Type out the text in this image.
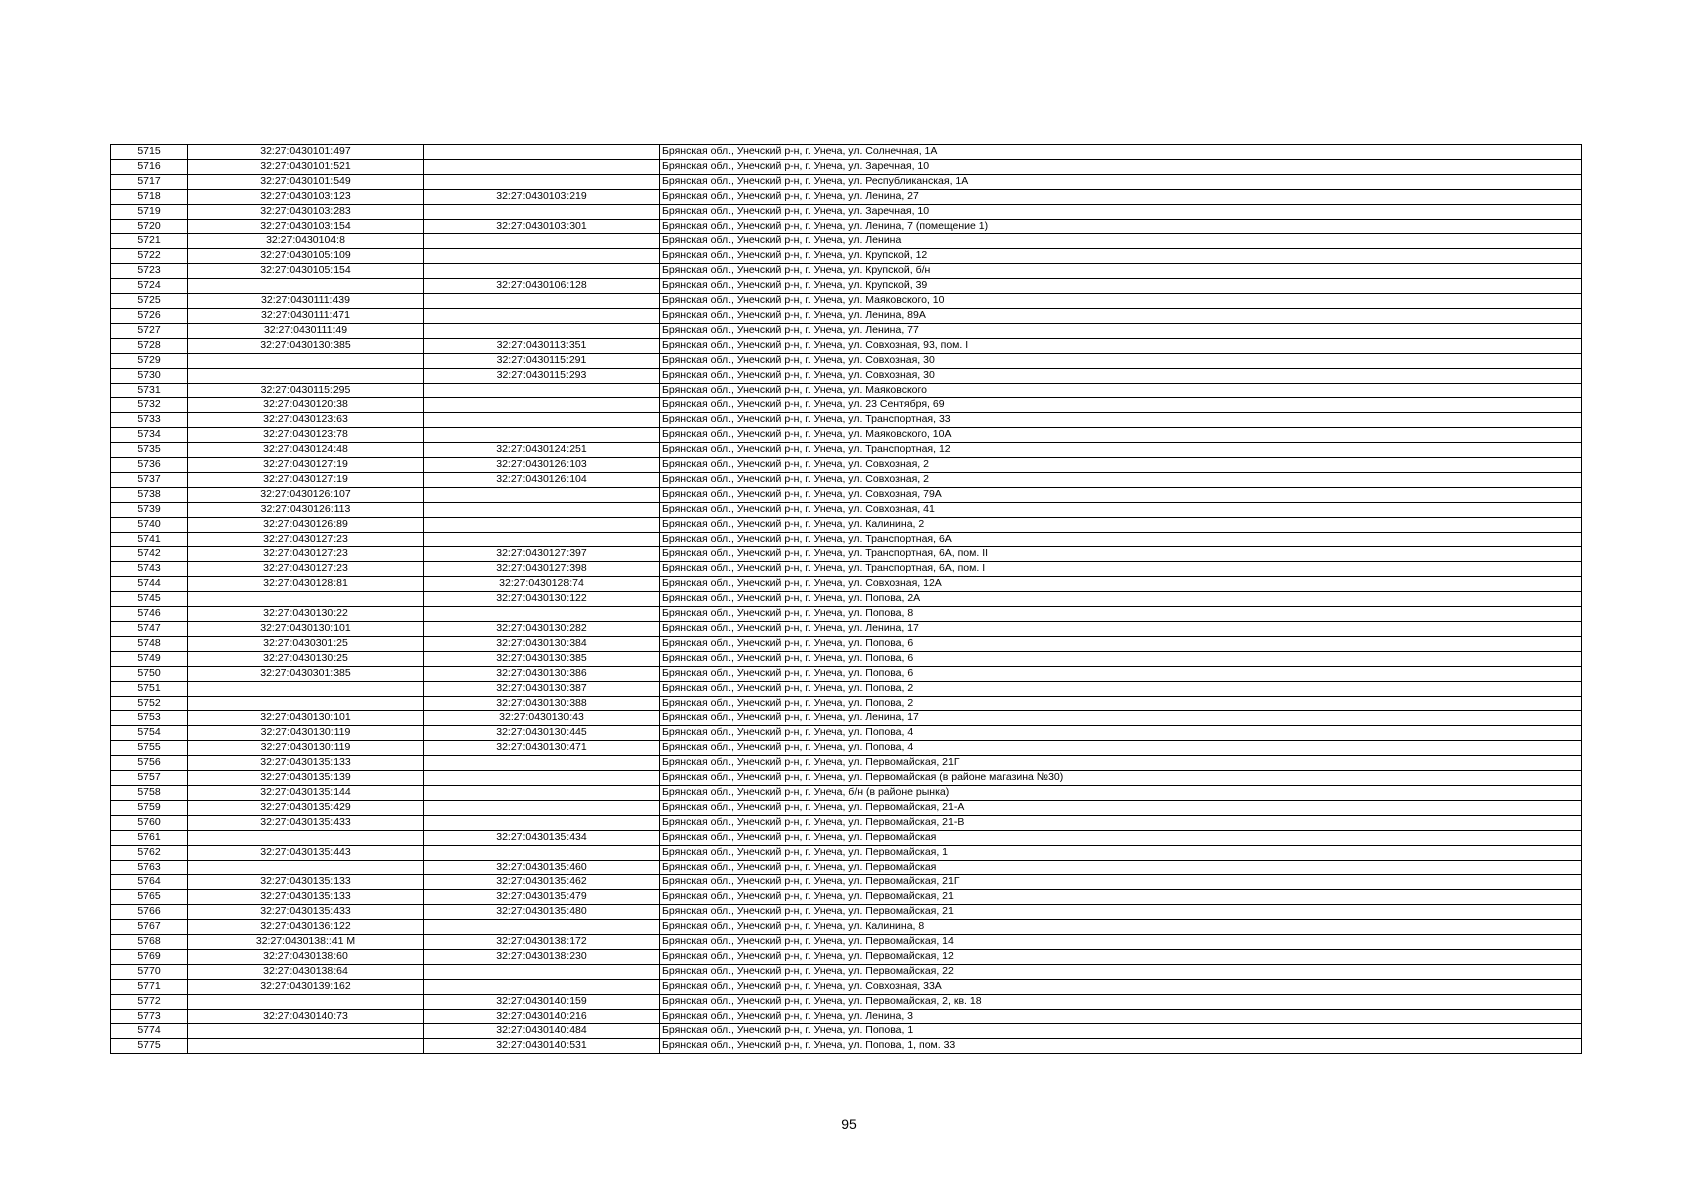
5715	32:27:0430101:497		Брянская обл., Унечский р-н, г. Унеча, ул. Солнечная, 1А
5716	32:27:0430101:521		Брянская обл., Унечский р-н, г. Унеча, ул. Заречная, 10
5717	32:27:0430101:549		Брянская обл., Унечский р-н, г. Унеча, ул. Республиканская, 1А
5718	32:27:0430103:123	32:27:0430103:219	Брянская обл., Унечский р-н, г. Унеча, ул. Ленина, 27
5719	32:27:0430103:283		Брянская обл., Унечский р-н, г. Унеча, ул. Заречная, 10
5720	32:27:0430103:154	32:27:0430103:301	Брянская обл., Унечский р-н, г. Унеча, ул. Ленина, 7 (помещение 1)
5721	32:27:0430104:8		Брянская обл., Унечский р-н, г. Унеча, ул. Ленина
5722	32:27:0430105:109		Брянская обл., Унечский р-н, г. Унеча, ул. Крупской, 12
5723	32:27:0430105:154		Брянская обл., Унечский р-н, г. Унеча, ул. Крупской, б/н
5724		32:27:0430106:128	Брянская обл., Унечский р-н, г. Унеча, ул. Крупской, 39
5725	32:27:0430111:439		Брянская обл., Унечский р-н, г. Унеча, ул. Маяковского, 10
5726	32:27:0430111:471		Брянская обл., Унечский р-н, г. Унеча, ул. Ленина, 89А
5727	32:27:0430111:49		Брянская обл., Унечский р-н, г. Унеча, ул. Ленина, 77
5728	32:27:0430130:385	32:27:0430113:351	Брянская обл., Унечский р-н, г. Унеча, ул. Совхозная, 93, пом. I
5729		32:27:0430115:291	Брянская обл., Унечский р-н, г. Унеча, ул. Совхозная, 30
5730		32:27:0430115:293	Брянская обл., Унечский р-н, г. Унеча, ул. Совхозная, 30
5731	32:27:0430115:295		Брянская обл., Унечский р-н, г. Унеча, ул. Маяковского
5732	32:27:0430120:38		Брянская обл., Унечский р-н, г. Унеча, ул. 23 Сентября, 69
5733	32:27:0430123:63		Брянская обл., Унечский р-н, г. Унеча, ул. Транспортная, 33
5734	32:27:0430123:78		Брянская обл., Унечский р-н, г. Унеча, ул. Маяковского, 10А
5735	32:27:0430124:48	32:27:0430124:251	Брянская обл., Унечский р-н, г. Унеча, ул. Транспортная, 12
5736	32:27:0430127:19	32:27:0430126:103	Брянская обл., Унечский р-н, г. Унеча, ул. Совхозная, 2
5737	32:27:0430127:19	32:27:0430126:104	Брянская обл., Унечский р-н, г. Унеча, ул. Совхозная, 2
5738	32:27:0430126:107		Брянская обл., Унечский р-н, г. Унеча, ул. Совхозная, 79А
5739	32:27:0430126:113		Брянская обл., Унечский р-н, г. Унеча, ул. Совхозная, 41
5740	32:27:0430126:89		Брянская обл., Унечский р-н, г. Унеча, ул. Калинина, 2
5741	32:27:0430127:23		Брянская обл., Унечский р-н, г. Унеча, ул. Транспортная, 6А
5742	32:27:0430127:23	32:27:0430127:397	Брянская обл., Унечский р-н, г. Унеча, ул. Транспортная, 6А, пом. II
5743	32:27:0430127:23	32:27:0430127:398	Брянская обл., Унечский р-н, г. Унеча, ул. Транспортная, 6А, пом. I
5744	32:27:0430128:81	32:27:0430128:74	Брянская обл., Унечский р-н, г. Унеча, ул. Совхозная, 12А
5745		32:27:0430130:122	Брянская обл., Унечский р-н, г. Унеча, ул. Попова, 2А
5746	32:27:0430130:22		Брянская обл., Унечский р-н, г. Унеча, ул. Попова, 8
5747	32:27:0430130:101	32:27:0430130:282	Брянская обл., Унечский р-н, г. Унеча, ул. Ленина, 17
5748	32:27:0430301:25	32:27:0430130:384	Брянская обл., Унечский р-н, г. Унеча, ул. Попова, 6
5749	32:27:0430130:25	32:27:0430130:385	Брянская обл., Унечский р-н, г. Унеча, ул. Попова, 6
5750	32:27:0430301:385	32:27:0430130:386	Брянская обл., Унечский р-н, г. Унеча, ул. Попова, 6
5751		32:27:0430130:387	Брянская обл., Унечский р-н, г. Унеча, ул. Попова, 2
5752		32:27:0430130:388	Брянская обл., Унечский р-н, г. Унеча, ул. Попова, 2
5753	32:27:0430130:101	32:27:0430130:43	Брянская обл., Унечский р-н, г. Унеча, ул. Ленина, 17
5754	32:27:0430130:119	32:27:0430130:445	Брянская обл., Унечский р-н, г. Унеча, ул. Попова, 4
5755	32:27:0430130:119	32:27:0430130:471	Брянская обл., Унечский р-н, г. Унеча, ул. Попова, 4
5756	32:27:0430135:133		Брянская обл., Унечский р-н, г. Унеча, ул. Первомайская, 21Г
5757	32:27:0430135:139		Брянская обл., Унечский р-н, г. Унеча, ул. Первомайская (в районе магазина №30)
5758	32:27:0430135:144		Брянская обл., Унечский р-н, г. Унеча, б/н (в районе рынка)
5759	32:27:0430135:429		Брянская обл., Унечский р-н, г. Унеча, ул. Первомайская, 21-А
5760	32:27:0430135:433		Брянская обл., Унечский р-н, г. Унеча, ул. Первомайская, 21-В
5761		32:27:0430135:434	Брянская обл., Унечский р-н, г. Унеча, ул. Первомайская
5762	32:27:0430135:443		Брянская обл., Унечский р-н, г. Унеча, ул. Первомайская, 1
5763		32:27:0430135:460	Брянская обл., Унечский р-н, г. Унеча, ул. Первомайская
5764	32:27:0430135:133	32:27:0430135:462	Брянская обл., Унечский р-н, г. Унеча, ул. Первомайская, 21Г
5765	32:27:0430135:133	32:27:0430135:479	Брянская обл., Унечский р-н, г. Унеча, ул. Первомайская, 21
5766	32:27:0430135:433	32:27:0430135:480	Брянская обл., Унечский р-н, г. Унеча, ул. Первомайская, 21
5767	32:27:0430136:122		Брянская обл., Унечский р-н, г. Унеча, ул. Калинина, 8
5768	32:27:0430138::41 М	32:27:0430138:172	Брянская обл., Унечский р-н, г. Унеча, ул. Первомайская, 14
5769	32:27:0430138:60	32:27:0430138:230	Брянская обл., Унечский р-н, г. Унеча, ул. Первомайская, 12
5770	32:27:0430138:64		Брянская обл., Унечский р-н, г. Унеча, ул. Первомайская, 22
5771	32:27:0430139:162		Брянская обл., Унечский р-н, г. Унеча, ул. Совхозная, 33А
5772		32:27:0430140:159	Брянская обл., Унечский р-н, г. Унеча, ул. Первомайская, 2, кв. 18
5773	32:27:0430140:73	32:27:0430140:216	Брянская обл., Унечский р-н, г. Унеча, ул. Ленина, 3
5774		32:27:0430140:484	Брянская обл., Унечский р-н, г. Унеча, ул. Попова, 1
5775		32:27:0430140:531	Брянская обл., Унечский р-н, г. Унеча, ул. Попова, 1, пом. 33
95
